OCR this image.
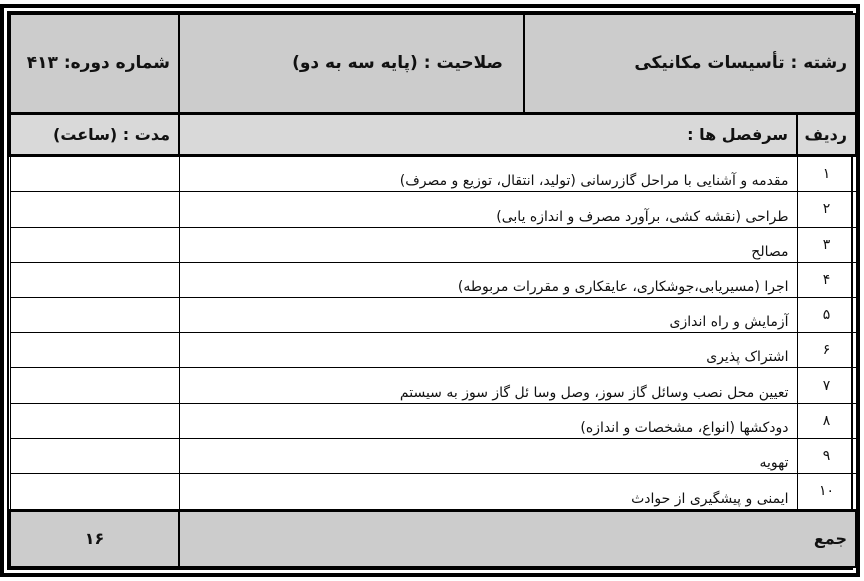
رشته : تأسیسات مکانیکی		صلاحیت : (پایه سه به دو)	شماره دوره: ۴۱۳
ردیف	سرفصل ها :		مدت : (ساعت)
۱	مقدمه و آشنایی با مراحل گازرسانی (تولید، انتقال، توزیع و مصرف)		
۲	طراحی (نقشه کشی، برآورد مصرف و اندازه یابی)		
۳	مصالح		
۴	اجرا (مسیریابی،جوشکاری، عایقکاری و مقررات مربوطه)		
۵	آزمایش و راه اندازی		
۶	اشتراک پذیری		
۷	تعیین محل نصب وسائل گاز سوز، وصل وسا ئل گاز سوز به سیستم		
۸	دودکشها (انواع، مشخصات و اندازه)		
۹	تهویه		
۱۰	ایمنی و پیشگیری از حوادث		
جمع			۱۶
